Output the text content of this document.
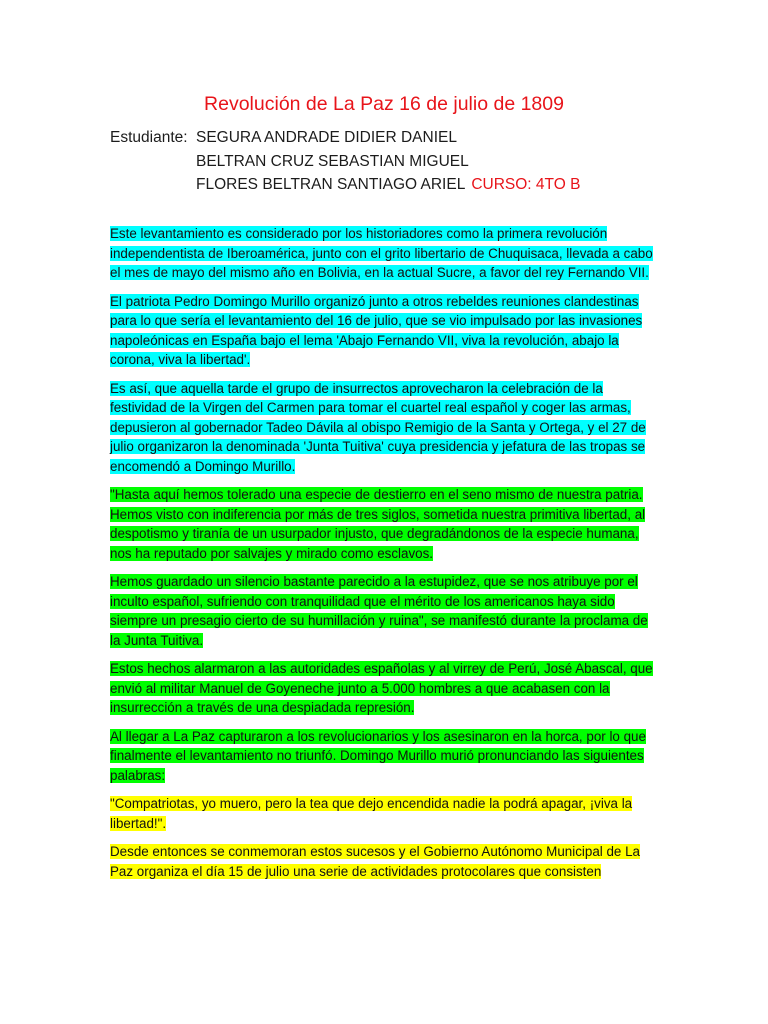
Revolución de La Paz 16 de julio de 1809
Estudiante: SEGURA ANDRADE DIDIER DANIEL
BELTRAN CRUZ SEBASTIAN MIGUEL
FLORES BELTRAN SANTIAGO ARIEL CURSO: 4TO B

Este levantamiento es considerado por los historiadores como la primera revolución independentista de Iberoamérica, junto con el grito libertario de Chuquisaca, llevada a cabo el mes de mayo del mismo año en Bolivia, en la actual Sucre, a favor del rey Fernando VII.

El patriota Pedro Domingo Murillo organizó junto a otros rebeldes reuniones clandestinas para lo que sería el levantamiento del 16 de julio, que se vio impulsado por las invasiones napoleónicas en España bajo el lema 'Abajo Fernando VII, viva la revolución, abajo la corona, viva la libertad'.

Es así, que aquella tarde el grupo de insurrectos aprovecharon la celebración de la festividad de la Virgen del Carmen para tomar el cuartel real español y coger las armas, depusieron al gobernador Tadeo Dávila al obispo Remigio de la Santa y Ortega, y el 27 de julio organizaron la denominada 'Junta Tuitiva' cuya presidencia y jefatura de las tropas se encomendó a Domingo Murillo.

"Hasta aquí hemos tolerado una especie de destierro en el seno mismo de nuestra patria. Hemos visto con indiferencia por más de tres siglos, sometida nuestra primitiva libertad, al despotismo y tiranía de un usurpador injusto, que degradándonos de la especie humana, nos ha reputado por salvajes y mirado como esclavos.

Hemos guardado un silencio bastante parecido a la estupidez, que se nos atribuye por el inculto español, sufriendo con tranquilidad que el mérito de los americanos haya sido siempre un presagio cierto de su humillación y ruina", se manifestó durante la proclama de la Junta Tuitiva.

Estos hechos alarmaron a las autoridades españolas y al virrey de Perú, José Abascal, que envió al militar Manuel de Goyeneche junto a 5.000 hombres a que acabasen con la insurrección a través de una despiadada represión.

Al llegar a La Paz capturaron a los revolucionarios y los asesinaron en la horca, por lo que finalmente el levantamiento no triunfó. Domingo Murillo murió pronunciando las siguientes palabras:

"Compatriotas, yo muero, pero la tea que dejo encendida nadie la podrá apagar, ¡viva la libertad!".

Desde entonces se conmemoran estos sucesos y el Gobierno Autónomo Municipal de La Paz organiza el día 15 de julio una serie de actividades protocolares que consisten
